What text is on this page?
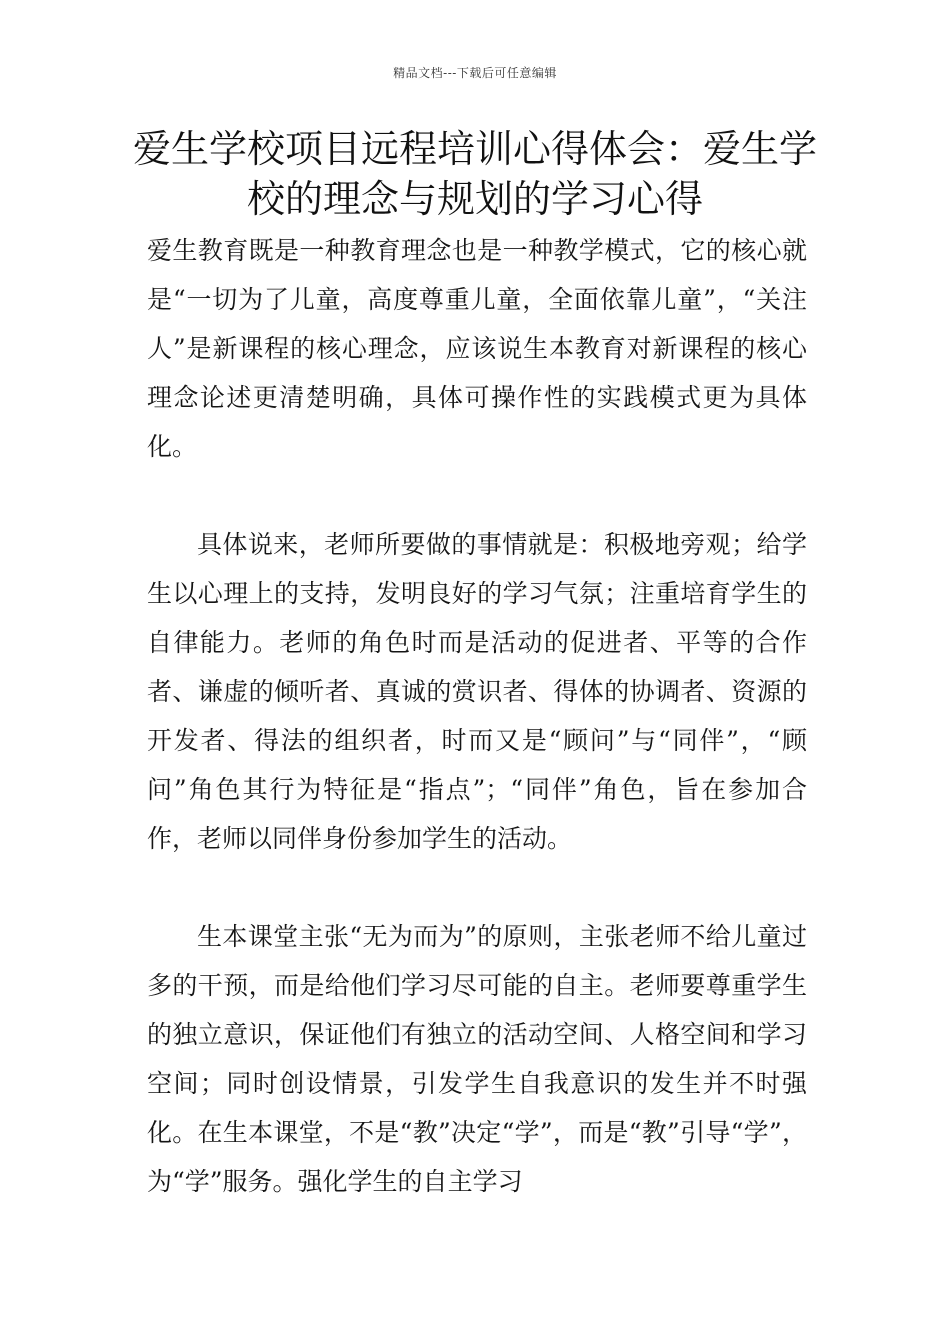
精品文档---下载后可任意编辑
爱生学校项目远程培训心得体会：爱生学校的理念与规划的学习心得

爱生教育既是一种教育理念也是一种教学模式，它的核心就是“一切为了儿童，高度尊重儿童，全面依靠儿童”，“关注人”是新课程的核心理念，应该说生本教育对新课程的核心理念论述更清楚明确，具体可操作性的实践模式更为具体化。

具体说来，老师所要做的事情就是：积极地旁观；给学生以心理上的支持，发明良好的学习气氛；注重培育学生的自律能力。老师的角色时而是活动的促进者、平等的合作者、谦虚的倾听者、真诚的赏识者、得体的协调者、资源的开发者、得法的组织者，时而又是“顾问”与“同伴”，“顾问”角色其行为特征是“指点”；“同伴”角色，旨在参加合作，老师以同伴身份参加学生的活动。

生本课堂主张“无为而为”的原则，主张老师不给儿童过多的干预，而是给他们学习尽可能的自主。老师要尊重学生的独立意识，保证他们有独立的活动空间、人格空间和学习空间；同时创设情景，引发学生自我意识的发生并不时强化。在生本课堂，不是“教”决定“学”，而是“教”引导“学”，为“学”服务。强化学生的自主学习
